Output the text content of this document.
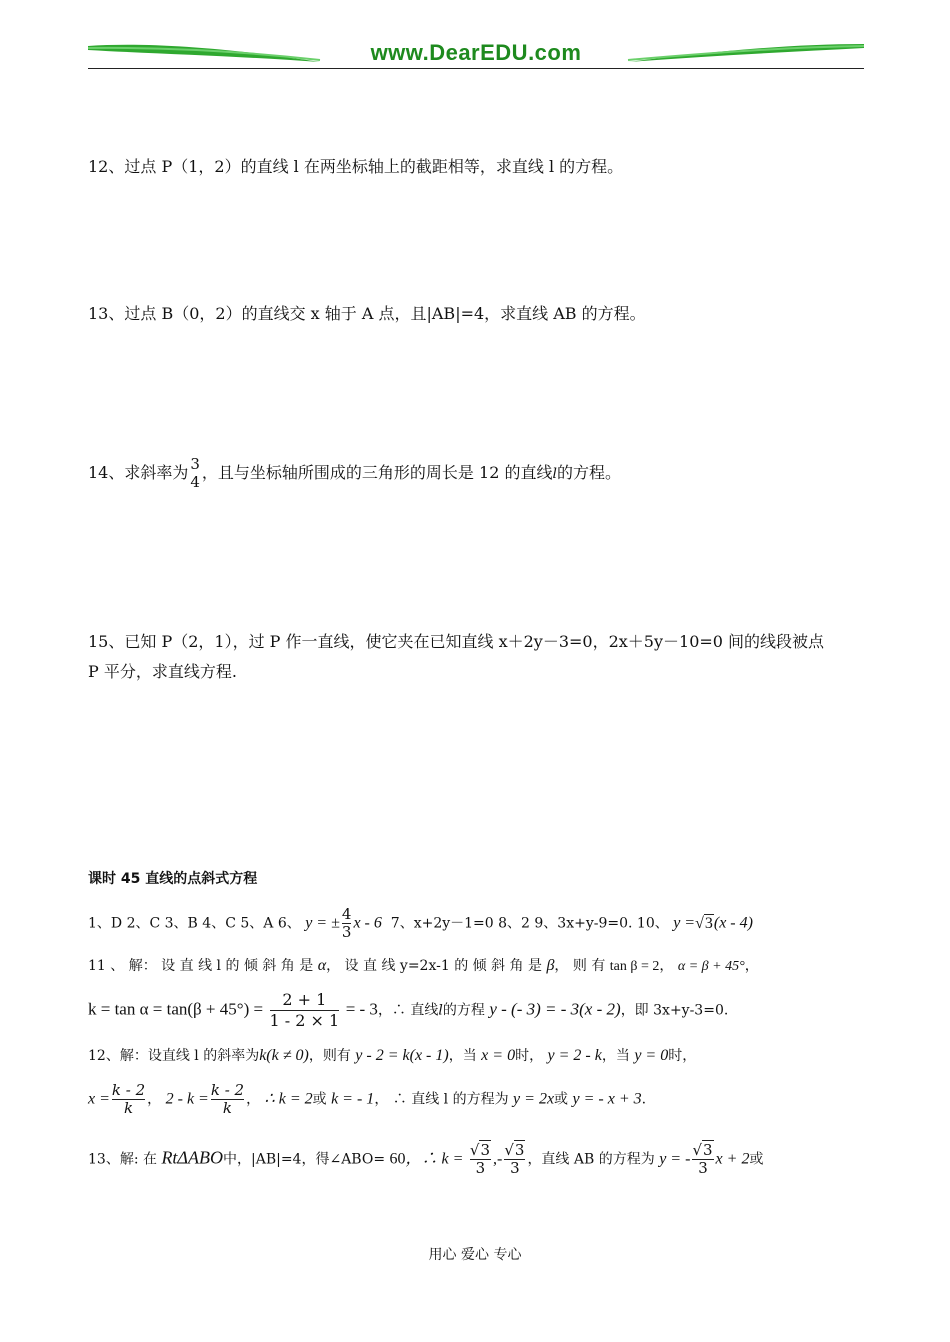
www.DearEDU.com
12、过点 P（1，2）的直线 l 在两坐标轴上的截距相等，求直线 l 的方程。
13、过点 B（0，2）的直线交 x 轴于 A 点，且|AB|=4，求直线 AB 的方程。
14、求斜率为 3
4 ，且与坐标轴所围成的三角形的周长是 12 的直线l的方程。
15、已知 P（2，1），过 P 作一直线，使它夹在已知直线 x＋2y－3=0，2x＋5y－10=0 间的线段被点
P 平分，求直线方程.
课时 45 直线的点斜式方程
1、D 2、C 3、B 4、C 5、A 6、 y = ± $\frac{4}{3}$ x - 6 7、x+2y－1=0 8、2 9、3x+y-9=0. 10、 y =√3(x - 4)
11 、 解： 设 直 线 l 的 倾 斜 角 是 α， 设 直 线 y=2x-1 的 倾 斜 角 是 β， 则 有 tan β = 2， α = β + 45°，
$k = \tan \alpha = \tan(\beta + 45^\circ) = \frac{2 + 1}{1 - 2 \times 1}$ = - 3，∴ 直线l的方程 y - (- 3) = - 3(x - 2)，即 3x+y-3=0.
12、解：设直线 l 的斜率为k(k ≠ 0)，则有 y - 2 = k(x - 1)，当 x = 0时， y = 2 - k，当 y = 0时，
$x = \frac{k - 2}{k}$ ， $2 - k = \frac{k - 2}{k}$ ， ∴ k = 2或 k = - 1， ∴ 直线 l 的方程为 y = 2x或 y = - x + 3.
13、解: 在 RtΔABO中，|AB|=4，得∠ABO= 60，∴ $k = \frac{√3}{3}$ ,- $\frac{√3}{3}$ ，直线 AB 的方程为 y = - $\frac{√3}{3}$ x + 2或
用心 爱心 专心
